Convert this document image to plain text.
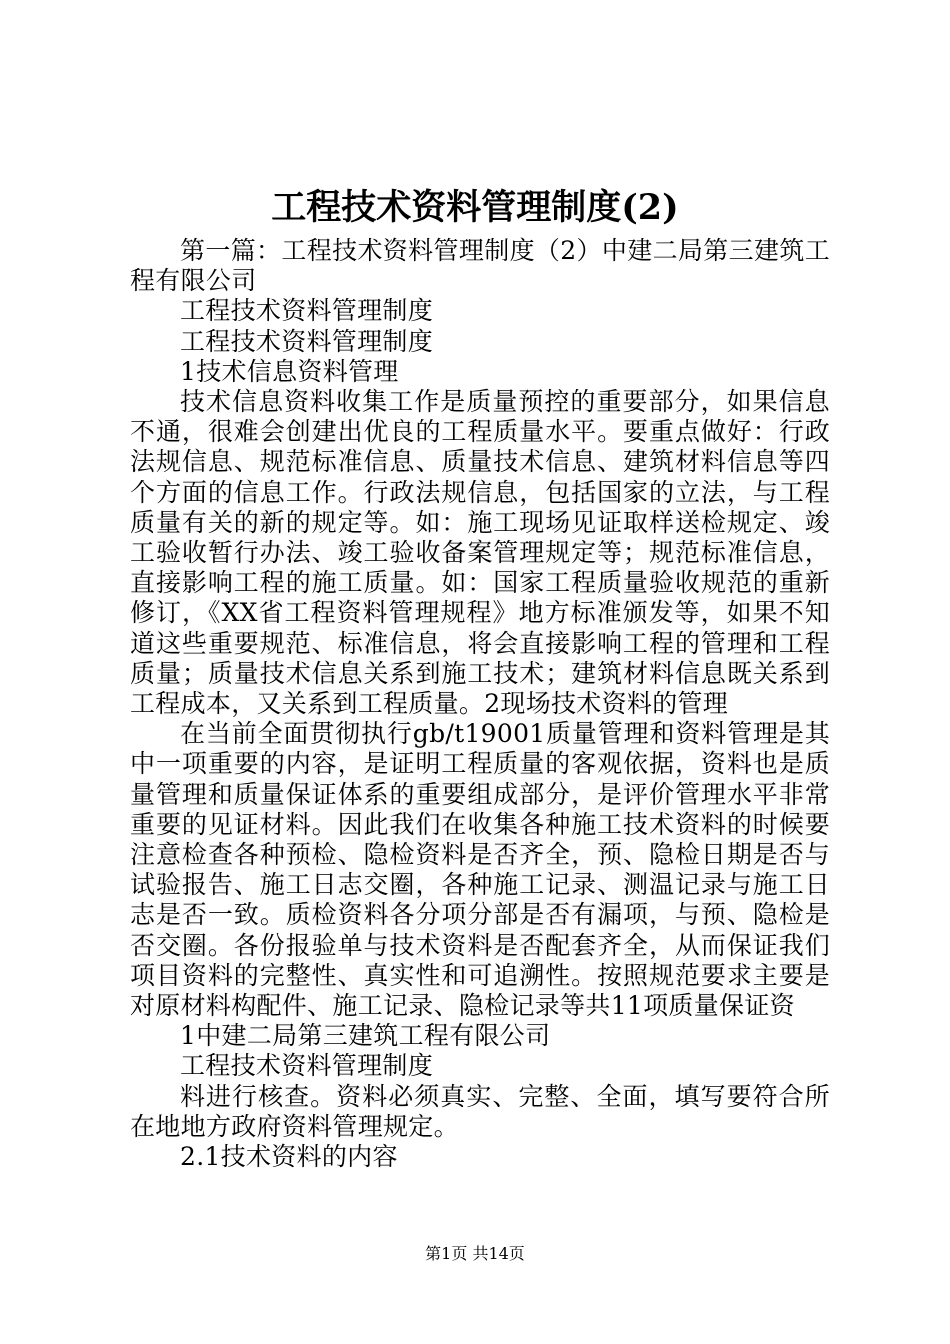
工程技术资料管理制度(2)

第一篇：工程技术资料管理制度（2）中建二局第三建筑工程有限公司

工程技术资料管理制度

工程技术资料管理制度

1技术信息资料管理

技术信息资料收集工作是质量预控的重要部分，如果信息不通，很难会创建出优良的工程质量水平。要重点做好：行政法规信息、规范标准信息、质量技术信息、建筑材料信息等四个方面的信息工作。行政法规信息，包括国家的立法，与工程质量有关的新的规定等。如：施工现场见证取样送检规定、竣工验收暂行办法、竣工验收备案管理规定等；规范标准信息，直接影响工程的施工质量。如：国家工程质量验收规范的重新修订，《XX省工程资料管理规程》地方标准颁发等，如果不知道这些重要规范、标准信息，将会直接影响工程的管理和工程质量；质量技术信息关系到施工技术；建筑材料信息既关系到工程成本，又关系到工程质量。2现场技术资料的管理

在当前全面贯彻执行gb/t19001质量管理和资料管理是其中一项重要的内容，是证明工程质量的客观依据，资料也是质量管理和质量保证体系的重要组成部分，是评价管理水平非常重要的见证材料。因此我们在收集各种施工技术资料的时候要注意检查各种预检、隐检资料是否齐全，预、隐检日期是否与试验报告、施工日志交圈，各种施工记录、测温记录与施工日志是否一致。质检资料各分项分部是否有漏项，与预、隐检是否交圈。各份报验单与技术资料是否配套齐全，从而保证我们项目资料的完整性、真实性和可追溯性。按照规范要求主要是对原材料构配件、施工记录、隐检记录等共11项质量保证资

1中建二局第三建筑工程有限公司

工程技术资料管理制度

料进行核查。资料必须真实、完整、全面，填写要符合所在地地方政府资料管理规定。

2.1技术资料的内容

第1页 共14页
